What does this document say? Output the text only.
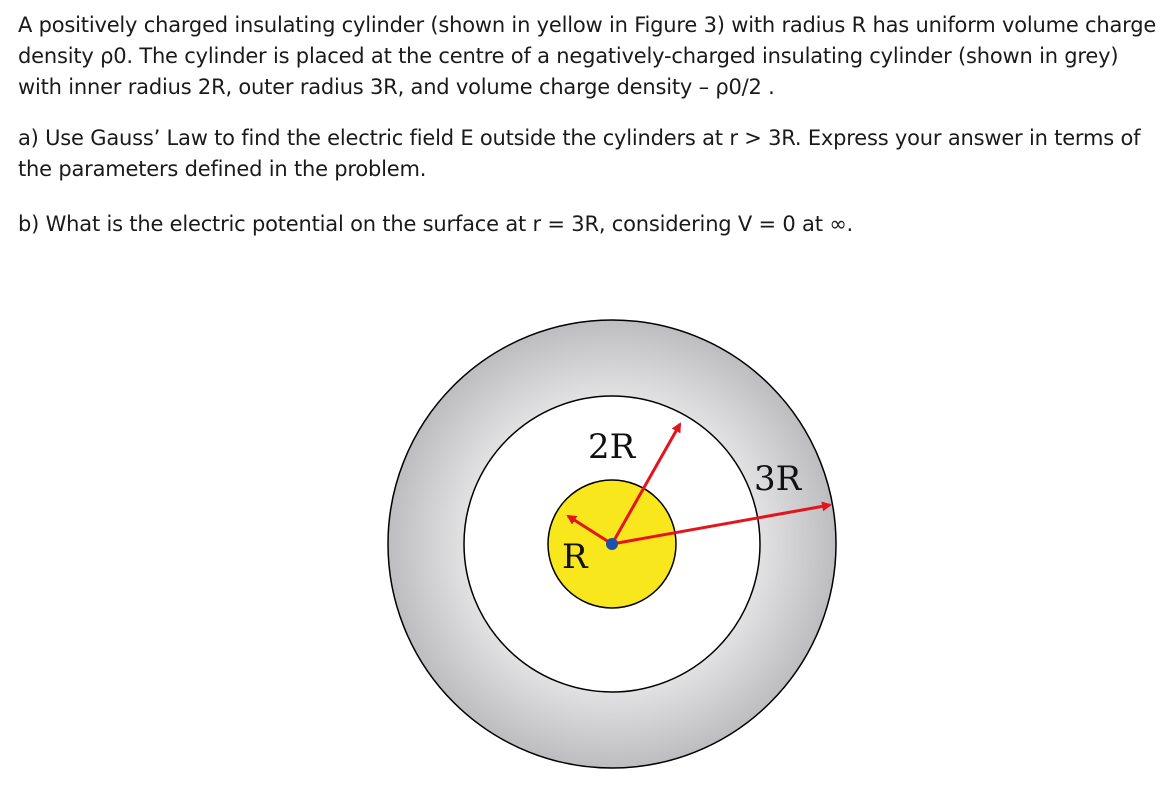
A positively charged insulating cylinder (shown in yellow in Figure 3) with radius R has uniform volume charge density ρ0. The cylinder is placed at the centre of a negatively-charged insulating cylinder (shown in grey) with inner radius 2R, outer radius 3R, and volume charge density – ρ0/2 .

a) Use Gauss’ Law to find the electric field E outside the cylinders at r > 3R. Express your answer in terms of the parameters defined in the problem.

b) What is the electric potential on the surface at r = 3R, considering V = 0 at ∞.

R
2R
3R
